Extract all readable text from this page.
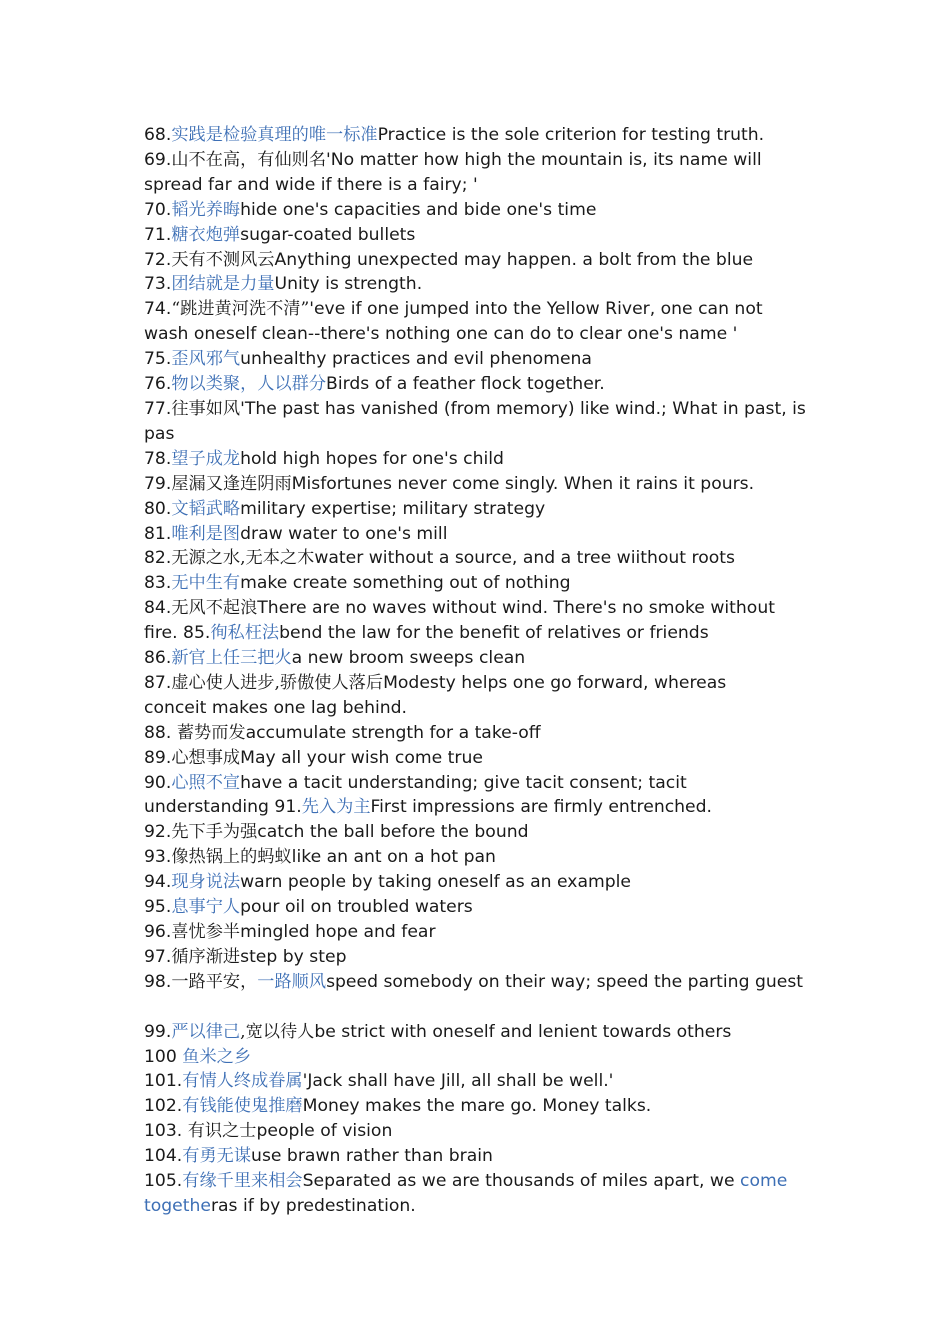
68.实践是检验真理的唯一标准Practice is the sole criterion for testing truth.
69.山不在高，有仙则名'No matter how high the mountain is, its name will
spread far and wide if there is a fairy; '
70.韬光养晦hide one's capacities and bide one's time
71.糖衣炮弹sugar-coated bullets
72.天有不测风云Anything unexpected may happen. a bolt from the blue
73.团结就是力量Unity is strength.
74.“跳进黄河洗不清”'eve if one jumped into the Yellow River, one can not
wash oneself clean--there's nothing one can do to clear one's name '
75.歪风邪气unhealthy practices and evil phenomena
76.物以类聚，人以群分Birds of a feather flock together.
77.往事如风'The past has vanished (from memory) like wind.; What in past, is
pas
78.望子成龙hold high hopes for one's child
79.屋漏又逢连阴雨Misfortunes never come singly. When it rains it pours.
80.文韬武略military expertise; military strategy
81.唯利是图draw water to one's mill
82.无源之水,无本之木water without a source, and a tree wiithout roots
83.无中生有make create something out of nothing
84.无风不起浪There are no waves without wind. There's no smoke without
fire. 85.徇私枉法bend the law for the benefit of relatives or friends
86.新官上任三把火a new broom sweeps clean
87.虚心使人进步,骄傲使人落后Modesty helps one go forward, whereas
conceit makes one lag behind.
88. 蓄势而发accumulate strength for a take-off
89.心想事成May all your wish come true
90.心照不宣have a tacit understanding; give tacit consent; tacit
understanding 91.先入为主First impressions are firmly entrenched.
92.先下手为强catch the ball before the bound
93.像热锅上的蚂蚁like an ant on a hot pan
94.现身说法warn people by taking oneself as an example
95.息事宁人pour oil on troubled waters
96.喜忧参半mingled hope and fear
97.循序渐进step by step
98.一路平安，一路顺风speed somebody on their way; speed the parting guest
99.严以律己,宽以待人be strict with oneself and lenient towards others
100 鱼米之乡
101.有情人终成眷属'Jack shall have Jill, all shall be well.'
102.有钱能使鬼推磨Money makes the mare go. Money talks.
103. 有识之士people of vision
104.有勇无谋use brawn rather than brain
105.有缘千里来相会Separated as we are thousands of miles apart, we come
togetheras if by predestination.
